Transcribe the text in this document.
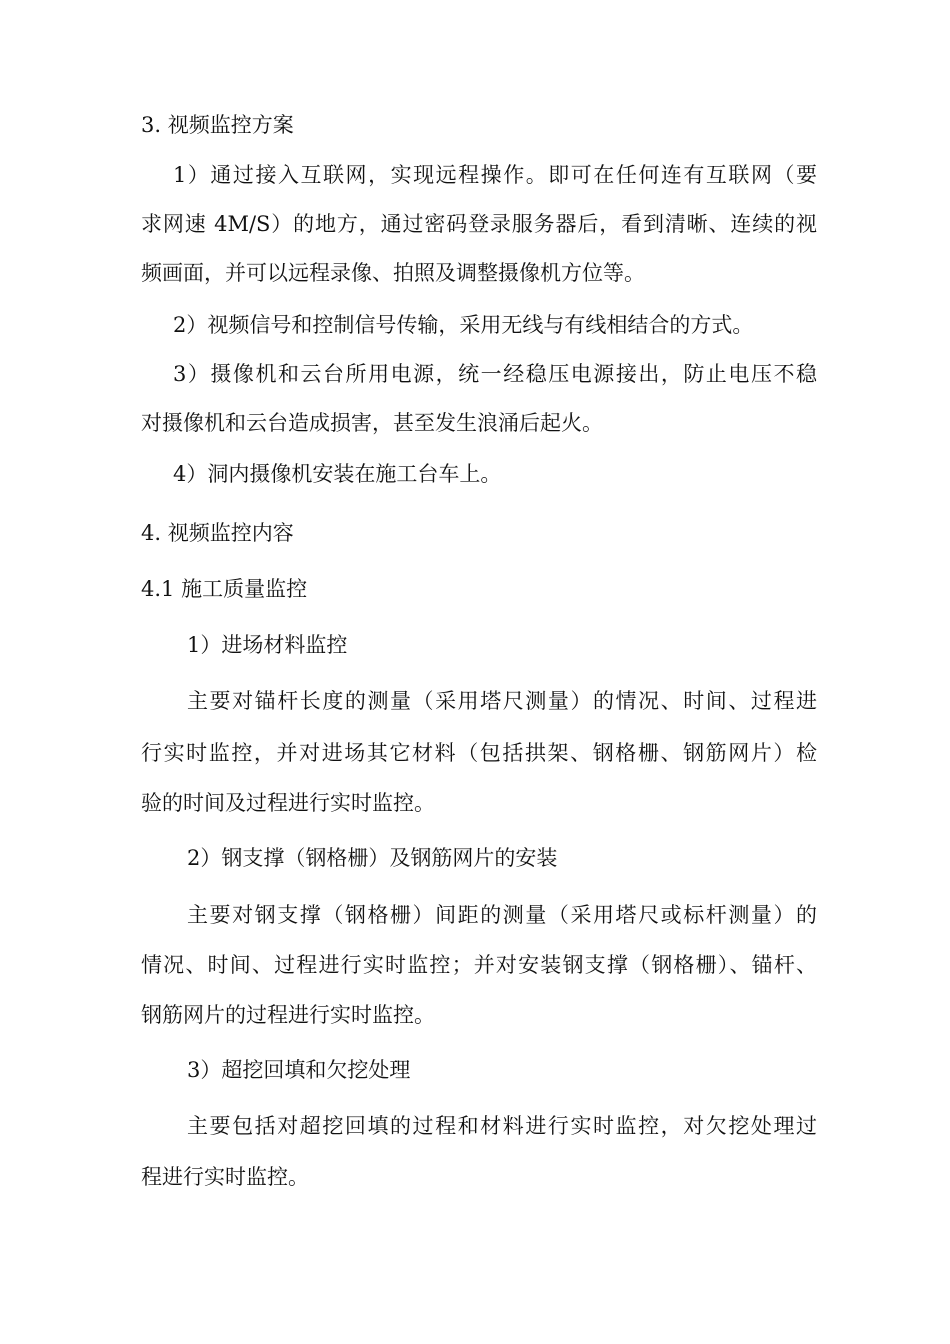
3. 视频监控方案
1）通过接入互联网，实现远程操作。即可在任何连有互联网（要
求网速 4M/S）的地方，通过密码登录服务器后，看到清晰、连续的视
频画面，并可以远程录像、拍照及调整摄像机方位等。
2）视频信号和控制信号传输，采用无线与有线相结合的方式。
3）摄像机和云台所用电源，统一经稳压电源接出，防止电压不稳
对摄像机和云台造成损害，甚至发生浪涌后起火。
4）洞内摄像机安装在施工台车上。
4. 视频监控内容
4.1 施工质量监控
1）进场材料监控
主要对锚杆长度的测量（采用塔尺测量）的情况、时间、过程进
行实时监控，并对进场其它材料（包括拱架、钢格栅、钢筋网片）检
验的时间及过程进行实时监控。
2）钢支撑（钢格栅）及钢筋网片的安装
主要对钢支撑（钢格栅）间距的测量（采用塔尺或标杆测量）的
情况、时间、过程进行实时监控；并对安装钢支撑（钢格栅）、锚杆、
钢筋网片的过程进行实时监控。
3）超挖回填和欠挖处理
主要包括对超挖回填的过程和材料进行实时监控，对欠挖处理过
程进行实时监控。
